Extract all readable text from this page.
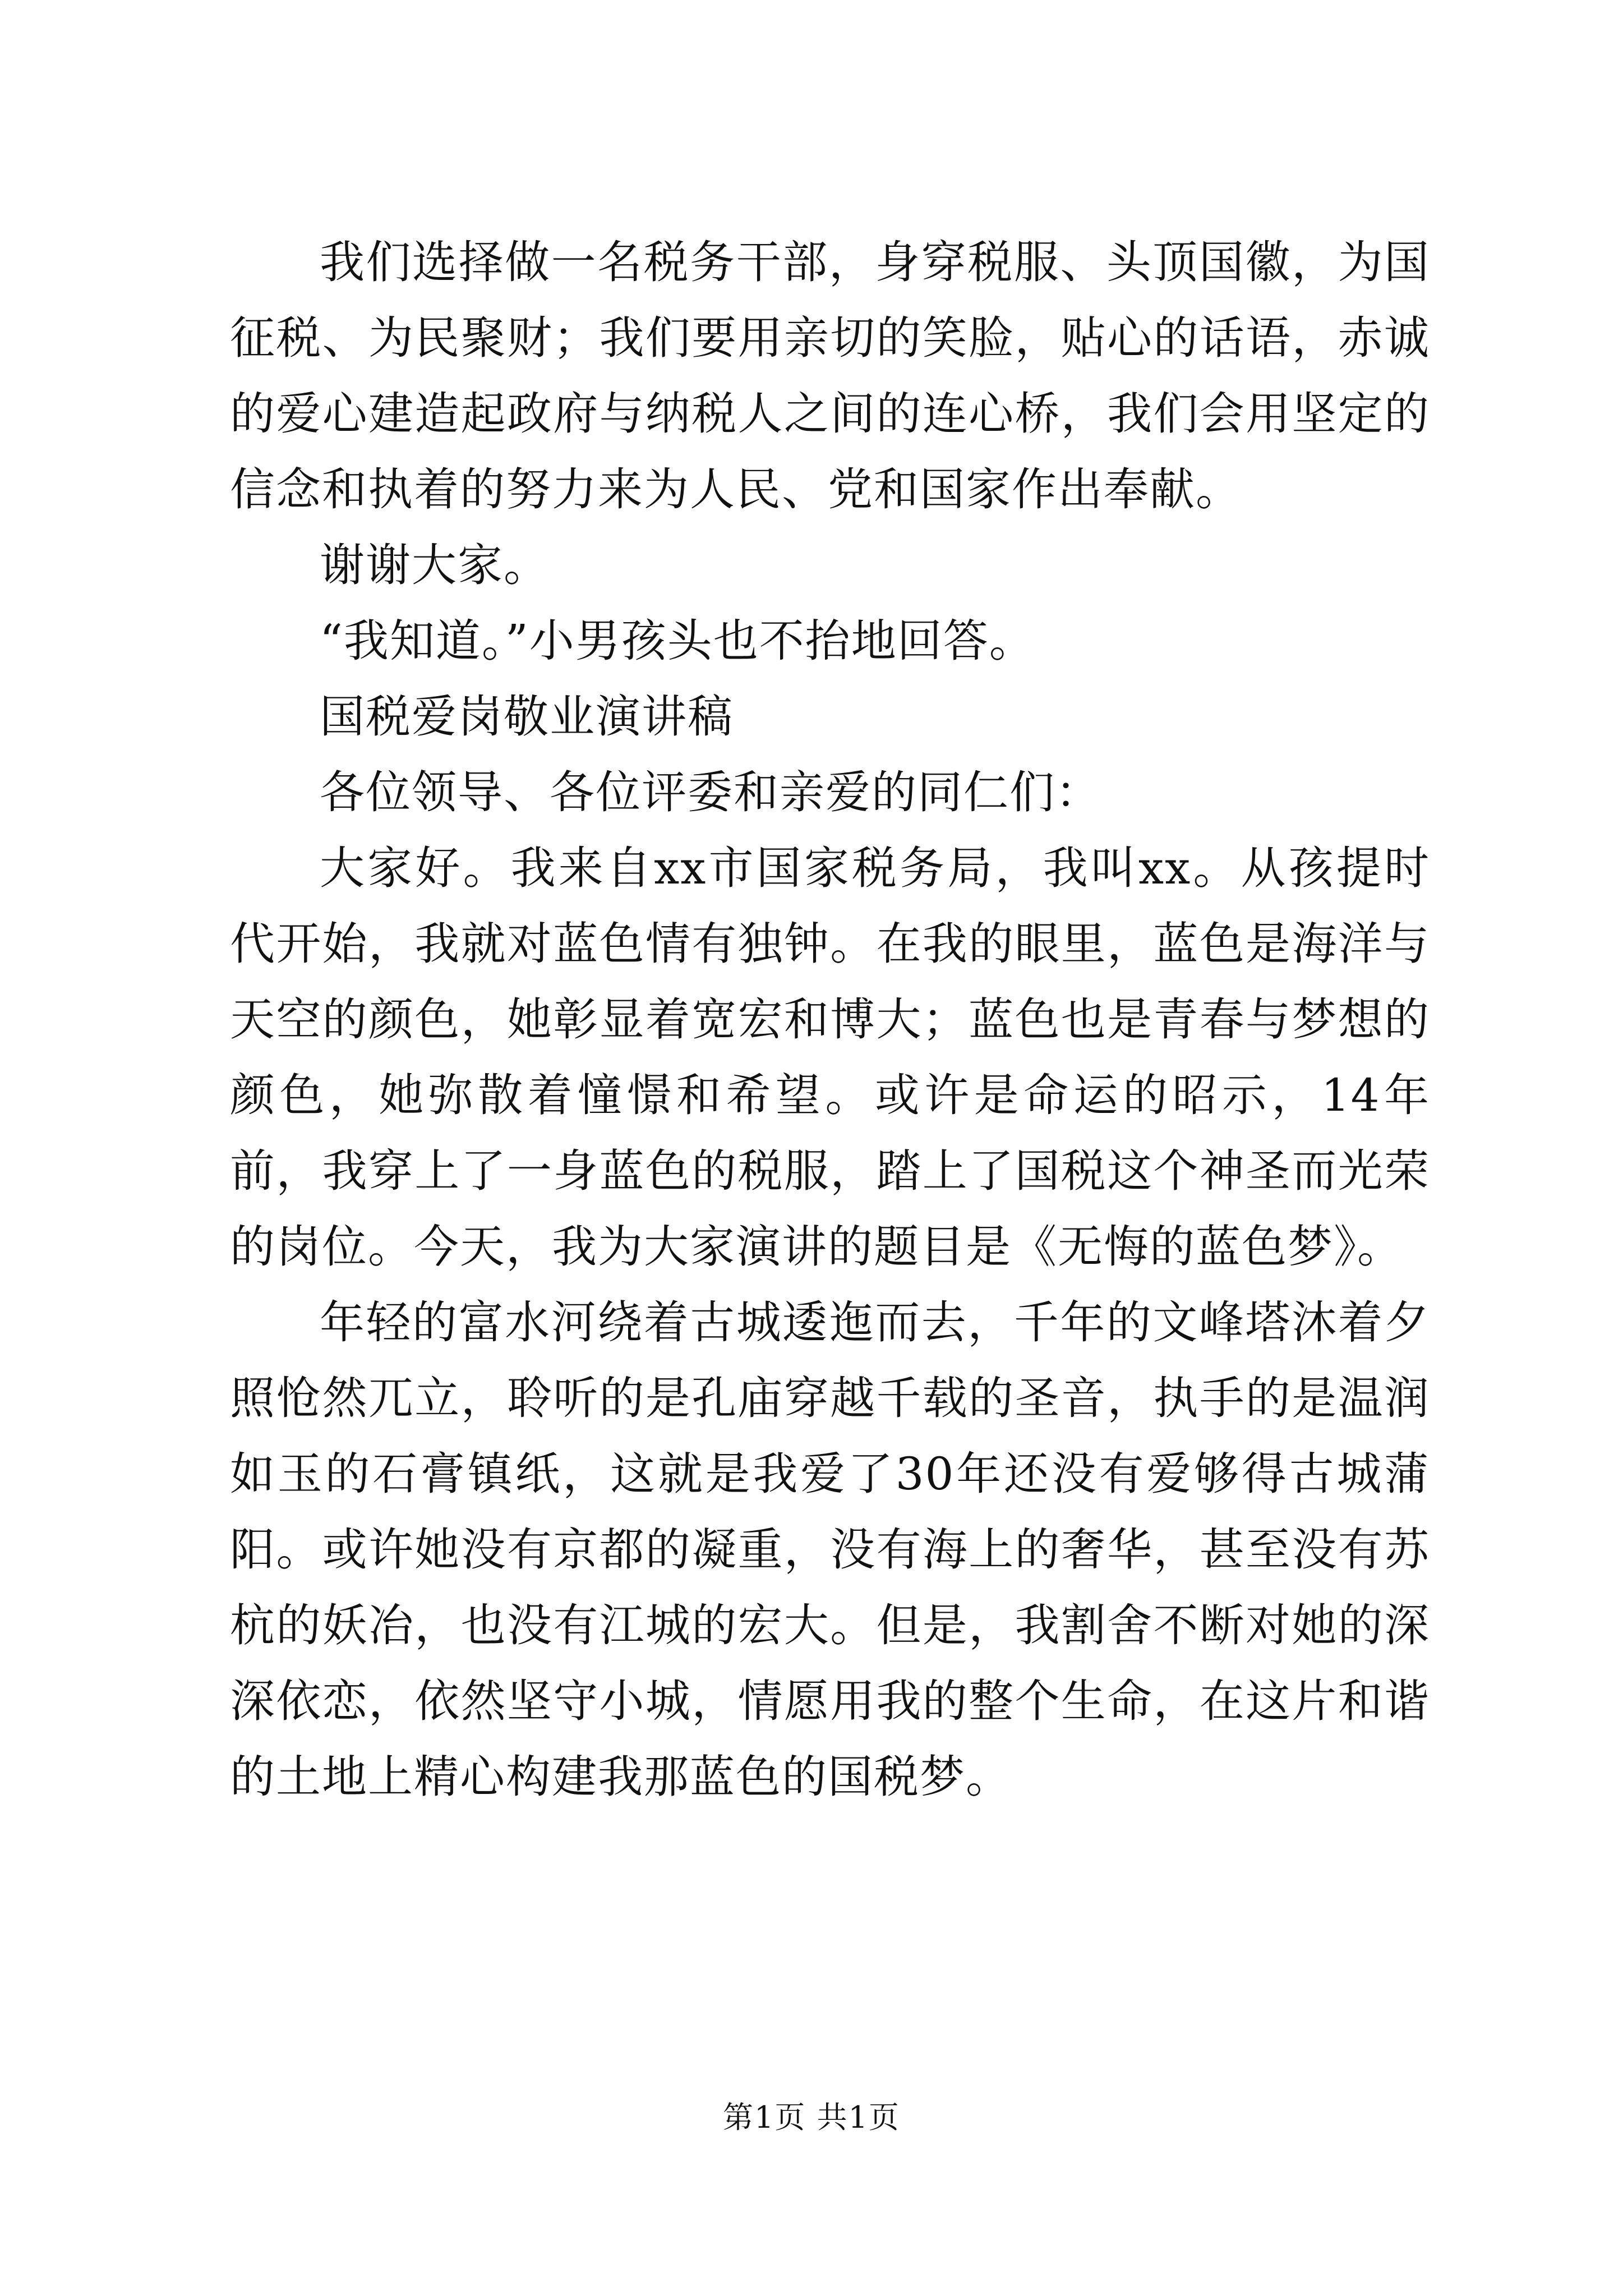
我们选择做一名税务干部，身穿税服、头顶国徽，为国征税、为民聚财；我们要用亲切的笑脸，贴心的话语，赤诚的爱心建造起政府与纳税人之间的连心桥，我们会用坚定的信念和执着的努力来为人民、党和国家作出奉献。

谢谢大家。

“我知道。”小男孩头也不抬地回答。

国税爱岗敬业演讲稿

各位领导、各位评委和亲爱的同仁们：

大家好。我来自xx市国家税务局，我叫xx。从孩提时代开始，我就对蓝色情有独钟。在我的眼里，蓝色是海洋与天空的颜色，她彰显着宽宏和博大；蓝色也是青春与梦想的颜色，她弥散着憧憬和希望。或许是命运的昭示，14年前，我穿上了一身蓝色的税服，踏上了国税这个神圣而光荣的岗位。今天，我为大家演讲的题目是《无悔的蓝色梦》。

年轻的富水河绕着古城逶迤而去，千年的文峰塔沐着夕照怆然兀立，聆听的是孔庙穿越千载的圣音，执手的是温润如玉的石膏镇纸，这就是我爱了30年还没有爱够得古城蒲阳。或许她没有京都的凝重，没有海上的奢华，甚至没有苏杭的妖冶，也没有江城的宏大。但是，我割舍不断对她的深深依恋，依然坚守小城，情愿用我的整个生命，在这片和谐的土地上精心构建我那蓝色的国税梦。

第1页 共1页
